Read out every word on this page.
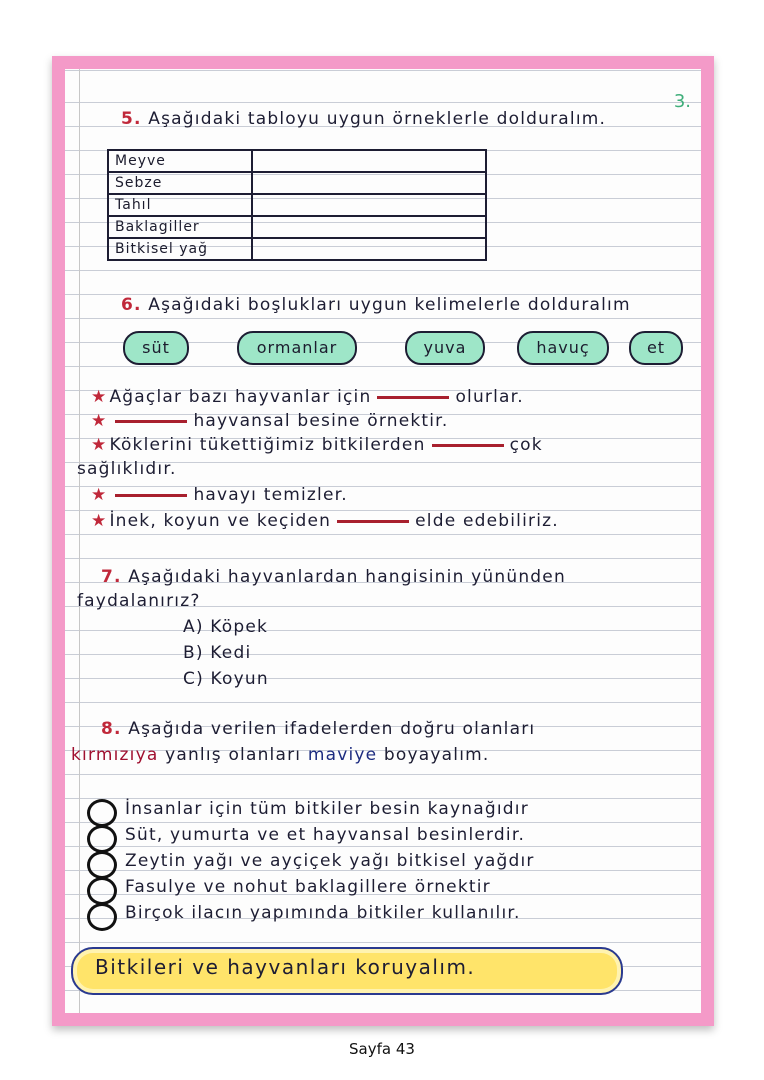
3.
5. Aşağıdaki tabloyu uygun örneklerle dolduralım.
Meyve	
Sebze	
Tahıl	
Baklagiller	
Bitkisel yağ	
6. Aşağıdaki boşlukları uygun kelimelerle dolduralım
süt	ormanlar	yuva	havuç	et
★ Ağaçlar bazı hayvanlar için	olurlar.
★	hayvansal besine örnektir.
★ Köklerini tükettiğimiz bitkilerden	çok
sağlıklıdır.
★	havayı temizler.
★ İnek, koyun ve keçiden	elde edebiliriz.
7. Aşağıdaki hayvanlardan hangisinin yününden
faydalanırız?
A) Köpek
B) Kedi
C) Koyun
8. Aşağıda verilen ifadelerden doğru olanları
kırmızıya yanlış olanları maviye boyayalım.
İnsanlar için tüm bitkiler besin kaynağıdır
Süt, yumurta ve et hayvansal besinlerdir.
Zeytin yağı ve ayçiçek yağı bitkisel yağdır
Fasulye ve nohut baklagillere örnektir
Birçok ilacın yapımında bitkiler kullanılır.
Bitkileri ve hayvanları koruyalım.
Sayfa 43
